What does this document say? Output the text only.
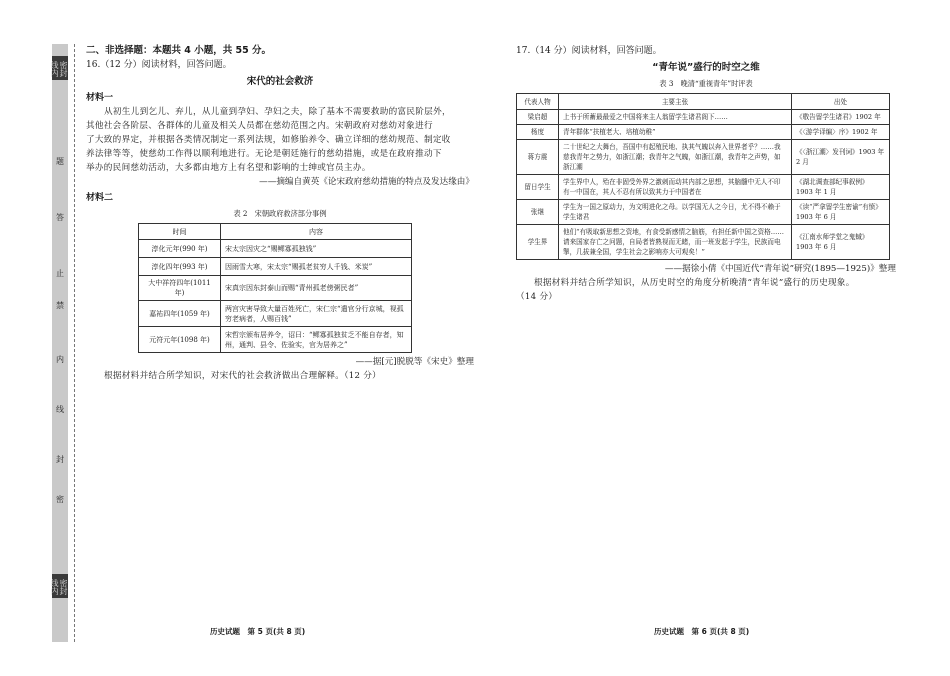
密封线内
题
答
止
禁
内
线
封
密
密封线内
二、非选择题：本题共 4 小题，共 55 分。
16.（12 分）阅读材料，回答问题。
宋代的社会救济
材料一
从初生儿到乞儿、弃儿，从儿童到孕妇、孕妇之夫，除了基本不需要救助的富民阶层外，
其他社会各阶层、各群体的儿童及相关人员都在慈幼范围之内。宋朝政府对慈幼对象进行
了大致的界定，并根据各类情况制定一系列法规，如修胎养令、确立详细的慈幼规范、制定收
养法律等等，使慈幼工作得以顺利地进行。无论是朝廷施行的慈幼措施，或是在政府推动下
举办的民间慈幼活动，大多都由地方上有名望和影响的士绅或官员主办。
——摘编自黄英《论宋政府慈幼措施的特点及发达缘由》
材料二
表 2　宋朝政府救济部分事例
时间	内容
淳化元年(990 年)	宋太宗因灾之“赐鳏寡孤独钱”
淳化四年(993 年)	因雨雪大寒，宋太宗“赐孤老贫穷人千钱、米炭”
大中祥符四年(1011 年)	宋真宗因东封泰山而赐“青州孤老傍粥民者”
嘉祐四年(1059 年)	两宫灾害导致大量百姓死亡，宋仁宗“遣官分行京城，视孤穷老病者，人赐百钱”
元符元年(1098 年)	宋哲宗颁布居养令，诏曰：“鳏寡孤独贫乏不能自存者，知州，通判、县令、佐验实，官为居养之”
——据[元]脱脱等《宋史》整理
根据材料并结合所学知识，对宋代的社会救济做出合理解释。（12 分）
17.（14 分）阅读材料，回答问题。
“青年说”盛行的时空之维
表 3　晚清“重视青年”时评表
代表人物	主要主张	出处
梁启超	上书于所蓄最最爱之中国将来主人翁留学生诸君阁下……	《敬告留学生诸君》1902 年
杨度	青年群体“扶植老大、培植幼稚”	《〈游学译编〉序》1902 年
蒋方震	二十世纪之大舞台，吾国中有起殖民地、执其气魄以奔入世界者乎？……我慈我青年之势力，如浙江潮；我青年之气魄，如浙江潮，我青年之声势，如浙江潮	《〈浙江潮〉发刊词》1903 年 2 月
留日学生	学生界中人，殆在非固受外界之激刺而动其内部之思想，其脑髓中无人不印有一中国在，其人不忍有所以致其力于中国者在	《湖北调查部纪事叙例》1903 年 1 月
张继	学生为一国之原动力，为文明进化之母。以学国无人之今日，尤不得不赖于学生诸君	《读“严拿留学生密谕”有愤》1903 年 6 月
学生界	他们“有吸取新思想之资地，有食受新感情之脑筋，有担任新中国之资格……请来国家存亡之问题，自局者皆熟视而无睹，而一班发起于学生，民族而电掣，几拔兼全国，学生社会之影响亦大可观矣！”	《江南水师学堂之鬼蜮》1903 年 6 月
——据徐小倩《中国近代“青年说”研究(1895—1925)》整理
根据材料并结合所学知识，从历史时空的角度分析晚清“青年说”盛行的历史现象。
（14 分）
历史试题　第 5 页(共 8 页)	历史试题　第 6 页(共 8 页)
